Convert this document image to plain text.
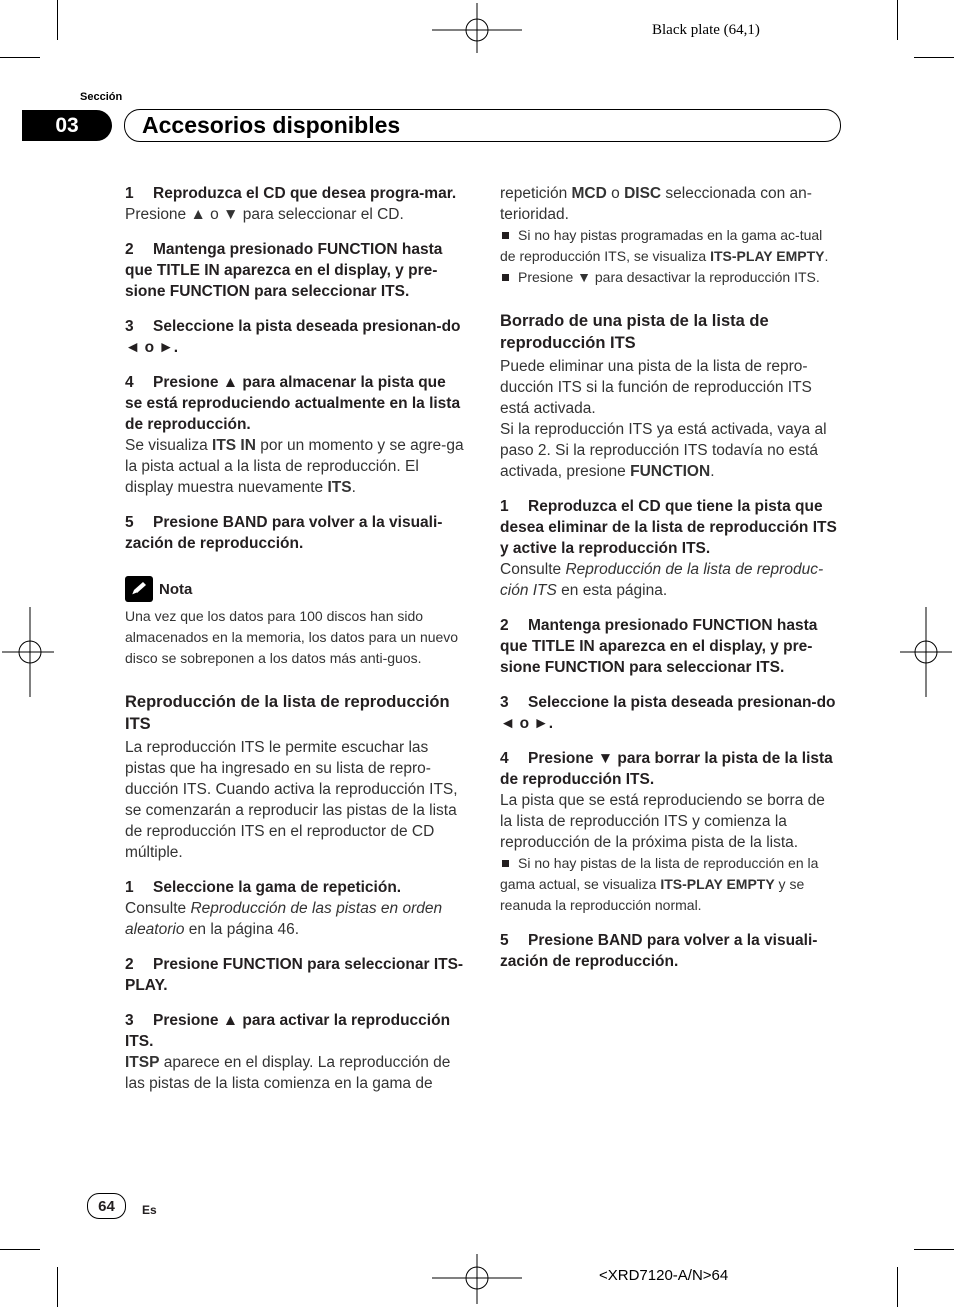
Black plate (64,1)
Sección
03	Accesorios disponibles

1 Reproduzca el CD que desea progra-mar.

Presione ▲ o ▼ para seleccionar el CD.

2 Mantenga presionado FUNCTION hasta que TITLE IN aparezca en el display, y pre-sione FUNCTION para seleccionar ITS.

3 Seleccione la pista deseada presionan-do ◄ o ►.

4 Presione ▲ para almacenar la pista que se está reproduciendo actualmente en la lista de reproducción.

Se visualiza ITS IN por un momento y se agre-ga la pista actual a la lista de reproducción. El display muestra nuevamente ITS.

5 Presione BAND para volver a la visuali-zación de reproducción.

Nota

Una vez que los datos para 100 discos han sido almacenados en la memoria, los datos para un nuevo disco se sobreponen a los datos más anti-guos.

Reproducción de la lista de reproducción ITS

La reproducción ITS le permite escuchar las pistas que ha ingresado en su lista de repro-ducción ITS. Cuando activa la reproducción ITS, se comenzarán a reproducir las pistas de la lista de reproducción ITS en el reproductor de CD múltiple.

1 Seleccione la gama de repetición.

Consulte Reproducción de las pistas en orden aleatorio en la página 46.

2 Presione FUNCTION para seleccionar ITS-PLAY.

3 Presione ▲ para activar la reproducción ITS.

ITSP aparece en el display. La reproducción de las pistas de la lista comienza en la gama de

repetición MCD o DISC seleccionada con an-terioridad.

Si no hay pistas programadas en la gama ac-tual de reproducción ITS, se visualiza ITS-PLAY EMPTY.

Presione ▼ para desactivar la reproducción ITS.

Borrado de una pista de la lista de reproducción ITS

Puede eliminar una pista de la lista de repro-ducción ITS si la función de reproducción ITS está activada.

Si la reproducción ITS ya está activada, vaya al paso 2. Si la reproducción ITS todavía no está activada, presione FUNCTION.

1 Reproduzca el CD que tiene la pista que desea eliminar de la lista de reproducción ITS y active la reproducción ITS.

Consulte Reproducción de la lista de reproduc-ción ITS en esta página.

2 Mantenga presionado FUNCTION hasta que TITLE IN aparezca en el display, y pre-sione FUNCTION para seleccionar ITS.

3 Seleccione la pista deseada presionan-do ◄ o ►.

4 Presione ▼ para borrar la pista de la lista de reproducción ITS.

La pista que se está reproduciendo se borra de la lista de reproducción ITS y comienza la reproducción de la próxima pista de la lista.

Si no hay pistas de la lista de reproducción en la gama actual, se visualiza ITS-PLAY EMPTY y se reanuda la reproducción normal.

5 Presione BAND para volver a la visuali-zación de reproducción.

64	Es
<XRD7120-A/N>64
